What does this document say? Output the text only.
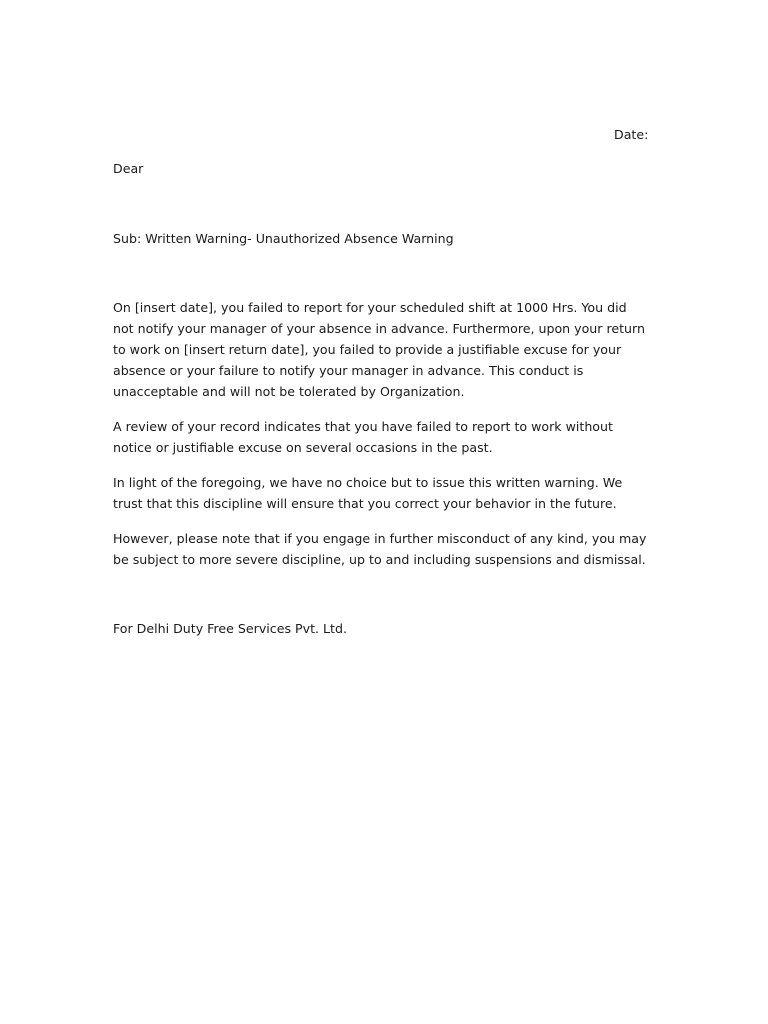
Date:
Dear
Sub: Written Warning- Unauthorized Absence Warning

On [insert date], you failed to report for your scheduled shift at 1000 Hrs. You did
not notify your manager of your absence in advance. Furthermore, upon your return
to work on [insert return date], you failed to provide a justifiable excuse for your
absence or your failure to notify your manager in advance. This conduct is
unacceptable and will not be tolerated by Organization.

A review of your record indicates that you have failed to report to work without
notice or justifiable excuse on several occasions in the past.

In light of the foregoing, we have no choice but to issue this written warning. We
trust that this discipline will ensure that you correct your behavior in the future.

However, please note that if you engage in further misconduct of any kind, you may
be subject to more severe discipline, up to and including suspensions and dismissal.

For Delhi Duty Free Services Pvt. Ltd.
